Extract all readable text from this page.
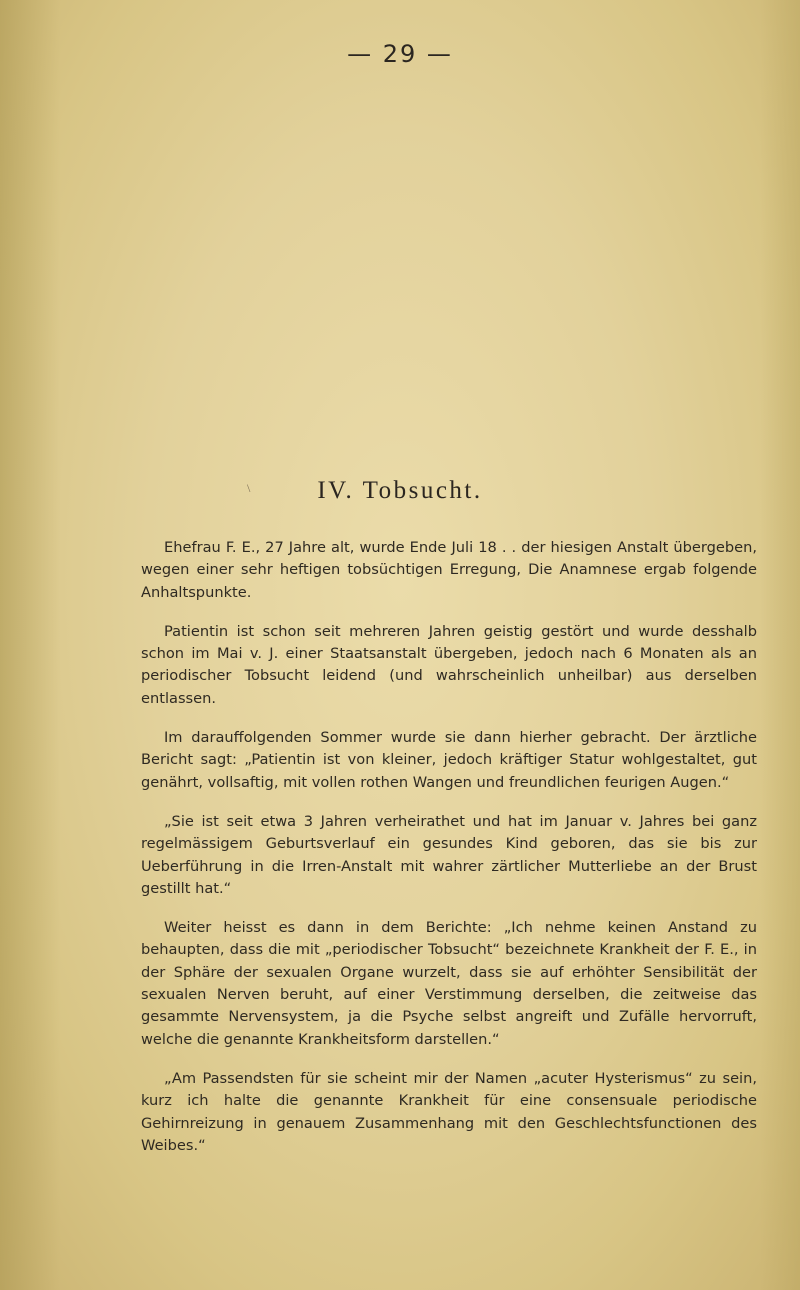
— 29 —
\	IV. Tobsucht.

Ehefrau F. E., 27 Jahre alt, wurde Ende Juli 18 . . der hiesigen Anstalt übergeben, wegen einer sehr heftigen tobsüchtigen Erregung, Die Anamnese ergab folgende Anhaltspunkte.

Patientin ist schon seit mehreren Jahren geistig gestört und wurde desshalb schon im Mai v. J. einer Staatsanstalt übergeben, jedoch nach 6 Monaten als an periodischer Tobsucht leidend (und wahrscheinlich unheilbar) aus derselben entlassen.

Im darauffolgenden Sommer wurde sie dann hierher gebracht. Der ärztliche Bericht sagt: „Patientin ist von kleiner, jedoch kräftiger Statur wohlgestaltet, gut genährt, vollsaftig, mit vollen rothen Wangen und freundlichen feurigen Augen.“

„Sie ist seit etwa 3 Jahren verheirathet und hat im Januar v. Jahres bei ganz regelmässigem Geburtsverlauf ein gesundes Kind geboren, das sie bis zur Ueberführung in die Irren-Anstalt mit wahrer zärtlicher Mutterliebe an der Brust gestillt hat.“

Weiter heisst es dann in dem Berichte: „Ich nehme keinen Anstand zu behaupten, dass die mit „periodischer Tobsucht“ bezeichnete Krankheit der F. E., in der Sphäre der sexualen Organe wurzelt, dass sie auf erhöhter Sensibilität der sexualen Nerven beruht, auf einer Verstimmung derselben, die zeitweise das gesammte Nervensystem, ja die Psyche selbst angreift und Zufälle hervorruft, welche die genannte Krankheitsform darstellen.“

„Am Passendsten für sie scheint mir der Namen „acuter Hysterismus“ zu sein, kurz ich halte die genannte Krankheit für eine consensuale periodische Gehirnreizung in genauem Zusammenhang mit den Geschlechtsfunctionen des Weibes.“
